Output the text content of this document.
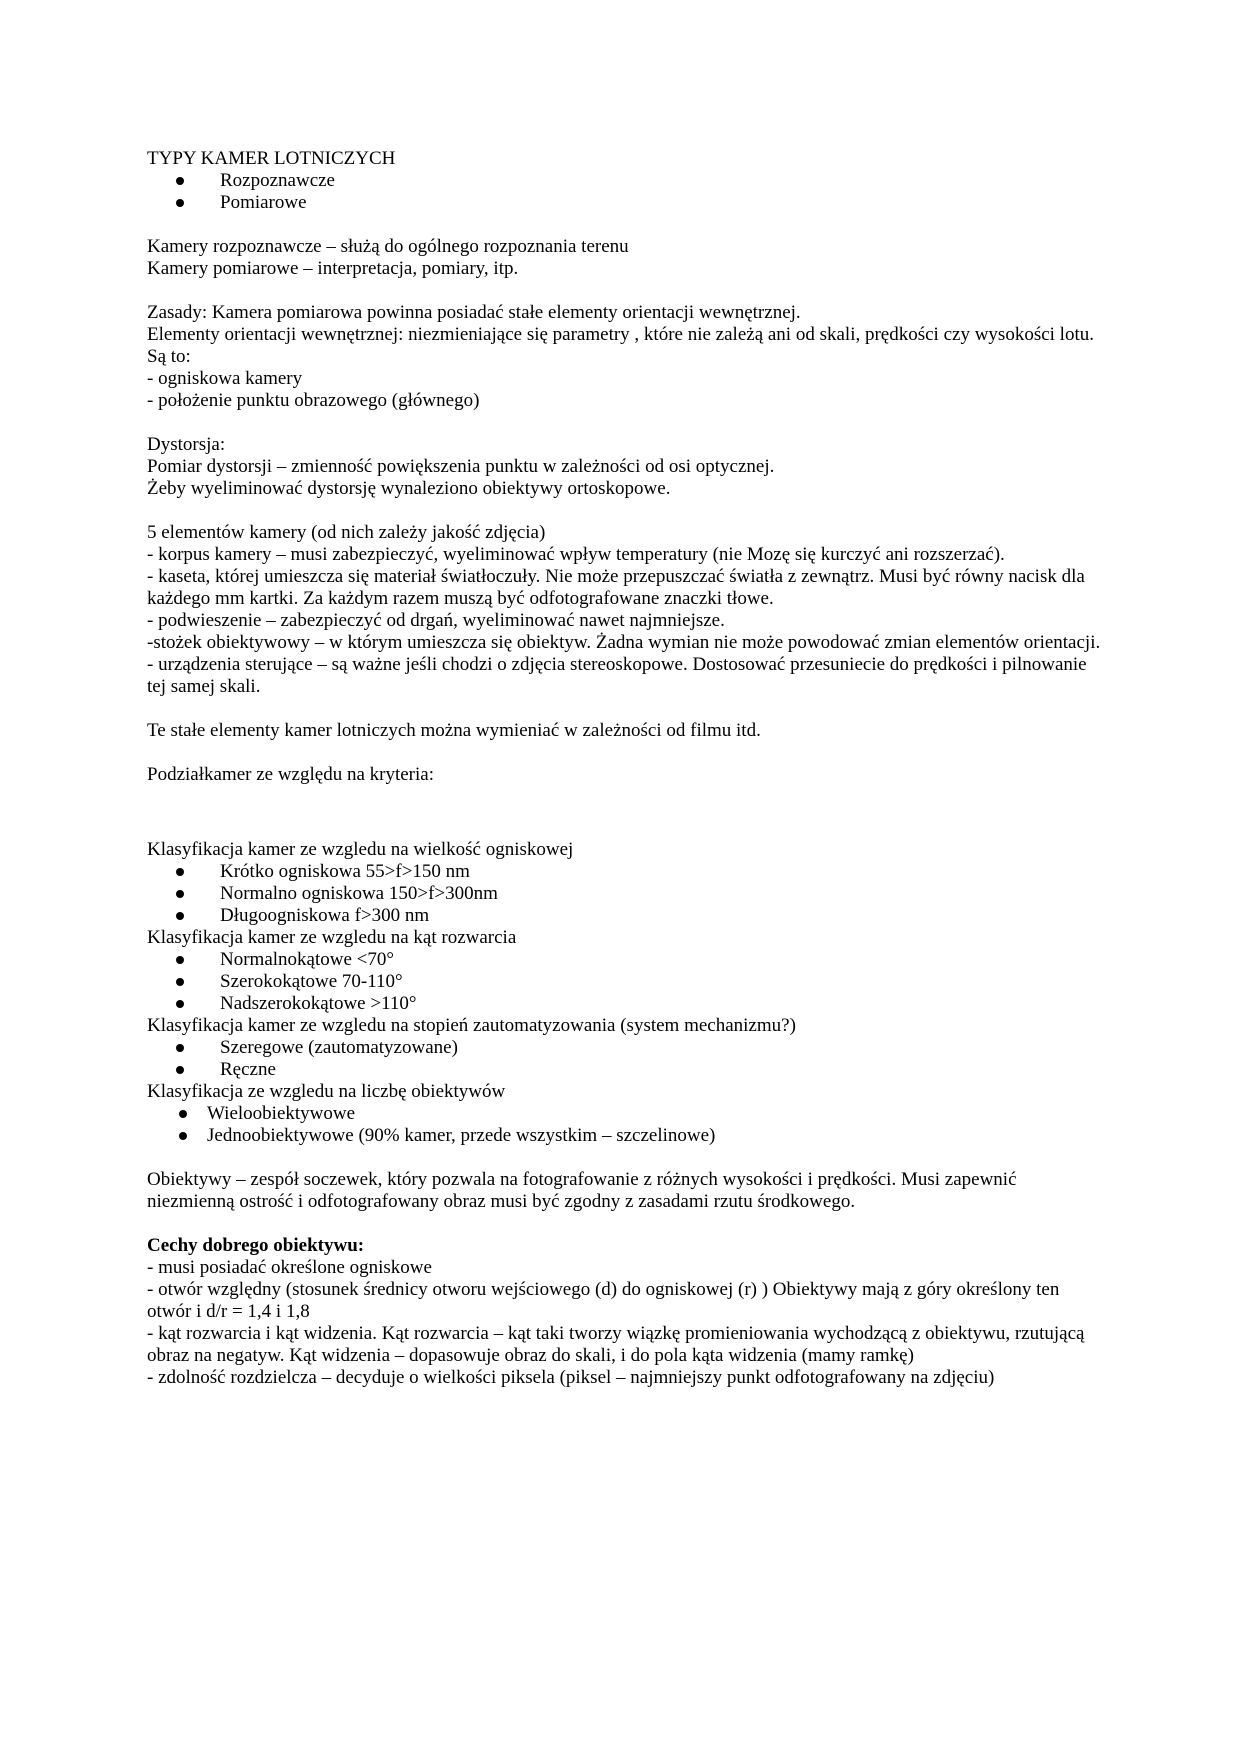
TYPY KAMER LOTNICZYCH
Rozpoznawcze
Pomiarowe
Kamery rozpoznawcze – służą do ogólnego rozpoznania terenu
Kamery pomiarowe – interpretacja, pomiary, itp.
Zasady: Kamera pomiarowa powinna posiadać stałe elementy orientacji wewnętrznej.
Elementy orientacji wewnętrznej: niezmieniające się parametry , które nie zależą ani od skali, prędkości czy wysokości lotu. Są to:
- ogniskowa kamery
- położenie punktu obrazowego (głównego)
Dystorsja:
Pomiar dystorsji – zmienność powiększenia punktu w zależności od osi optycznej.
Żeby wyeliminować dystorsję wynaleziono obiektywy ortoskopowe.
5 elementów kamery (od nich zależy jakość zdjęcia)
- korpus kamery – musi zabezpieczyć, wyeliminować wpływ temperatury (nie Mozę się kurczyć ani rozszerzać).
- kaseta, której umieszcza się materiał światłoczuły. Nie może przepuszczać światła z zewnątrz. Musi być równy nacisk dla każdego mm kartki. Za każdym razem muszą być odfotografowane znaczki tłowe.
- podwieszenie – zabezpieczyć od drgań, wyeliminować nawet najmniejsze.
-stożek obiektywowy – w którym umieszcza się obiektyw. Żadna wymian nie może powodować zmian elementów orientacji.
- urządzenia sterujące – są ważne jeśli chodzi o zdjęcia stereoskopowe. Dostosować przesuniecie do prędkości i pilnowanie tej samej skali.
Te stałe elementy kamer lotniczych można wymieniać w zależności od filmu itd.
Podziałkamer ze względu na kryteria:
Klasyfikacja kamer ze wzgledu na wielkość ogniskowej
Krótko ogniskowa 55>f>150 nm
Normalno ogniskowa 150>f>300nm
Długoogniskowa f>300 nm
Klasyfikacja kamer ze wzgledu na kąt rozwarcia
Normalnokątowe <70°
Szerokokątowe 70-110°
Nadszerokokątowe >110°
Klasyfikacja kamer ze wzgledu na stopień zautomatyzowania (system mechanizmu?)
Szeregowe (zautomatyzowane)
Ręczne
Klasyfikacja ze wzgledu na liczbę obiektywów
Wieloobiektywowe
Jednoobiektywowe (90% kamer, przede wszystkim – szczelinowe)
Obiektywy – zespół soczewek, który pozwala na fotografowanie z różnych wysokości i prędkości. Musi zapewnić niezmienną ostrość i odfotografowany obraz musi być zgodny z zasadami rzutu środkowego.
Cechy dobrego obiektywu:
- musi posiadać określone ogniskowe
- otwór względny (stosunek średnicy otworu wejściowego (d) do ogniskowej (r) ) Obiektywy mają z góry określony ten otwór i d/r = 1,4 i 1,8
- kąt rozwarcia i kąt widzenia. Kąt rozwarcia – kąt taki tworzy wiązkę promieniowania wychodzącą z obiektywu, rzutującą obraz na negatyw. Kąt widzenia – dopasowuje obraz do skali, i do pola kąta widzenia (mamy ramkę)
- zdolność rozdzielcza – decyduje o wielkości piksela (piksel – najmniejszy punkt odfotografowany na zdjęciu)
